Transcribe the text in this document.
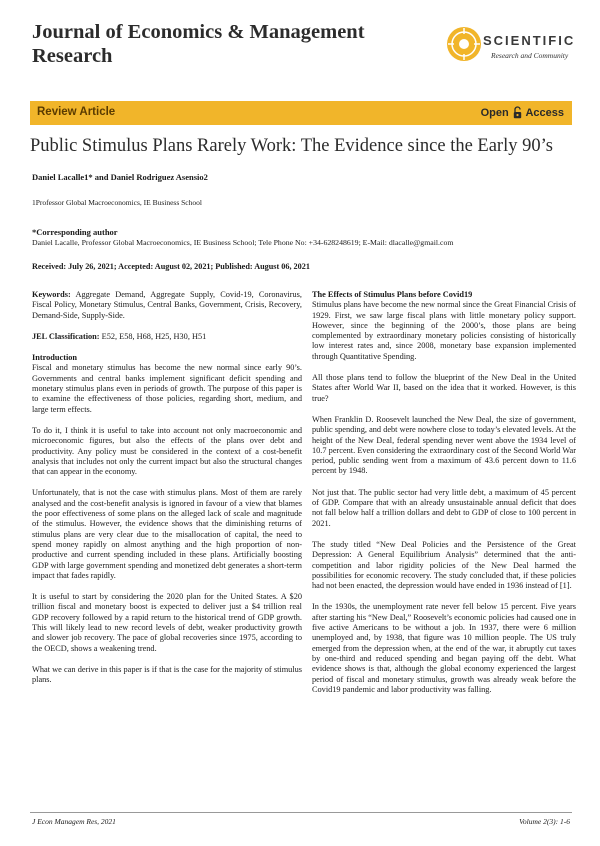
Journal of Economics & Management Research
SCIENTIFIC
Research and Community
Review Article	Open Access
Public Stimulus Plans Rarely Work: The Evidence since the Early 90’s
Daniel Lacalle1* and Daniel Rodriguez Asensio2
1Professor Global Macroeconomics, IE Business School
*Corresponding author
Daniel Lacalle, Professor Global Macroeconomics, IE Business School; Tele Phone No: +34-628248619; E-Mail: dlacalle@gmail.com
Received: July 26, 2021; Accepted: August 02, 2021; Published: August 06, 2021

Keywords: Aggregate Demand, Aggregate Supply, Covid-19, Coronavirus, Fiscal Policy, Monetary Stimulus, Central Banks, Government, Crisis, Recovery, Demand-Side, Supply-Side.

JEL Classification: E52, E58, H68, H25, H30, H51

Introduction

Fiscal and monetary stimulus has become the new normal since early 90’s. Governments and central banks implement significant deficit spending and monetary stimulus plans even in periods of growth. The purpose of this paper is to examine the effectiveness of those policies, regarding short, medium, and large term effects.

To do it, I think it is useful to take into account not only macroeconomic and microeconomic figures, but also the effects of the plans over debt and productivity. Any policy must be considered in the context of a cost-benefit analysis that includes not only the current impact but also the structural changes that can appear in the economy.

Unfortunately, that is not the case with stimulus plans. Most of them are rarely analysed and the cost-benefit analysis is ignored in favour of a view that blames the poor effectiveness of some plans on the alleged lack of scale and magnitude of the stimulus. However, the evidence shows that the diminishing returns of stimulus plans are very clear due to the misallocation of capital, the need to spend money rapidly on almost anything and the high proportion of non-productive and current spending included in these plans. Artificially boosting GDP with large government spending and monetized debt generates a short-term impact that fades rapidly.

It is useful to start by considering the 2020 plan for the United States. A $20 trillion fiscal and monetary boost is expected to deliver just a $4 trillion real GDP recovery followed by a rapid return to the historical trend of GDP growth. This will likely lead to new record levels of debt, weaker productivity growth and slower job recovery. The pace of global recoveries since 1975, according to the OECD, shows a weakening trend.

What we can derive in this paper is if that is the case for the majority of stimulus plans.

The Effects of Stimulus Plans before Covid19

Stimulus plans have become the new normal since the Great Financial Crisis of 1929. First, we saw large fiscal plans with little monetary policy support. However, since the beginning of the 2000’s, those plans are being complemented by extraordinary monetary policies consisting of historically low interest rates and, since 2008, monetary base expansion implemented through Quantitative Spending.

All those plans tend to follow the blueprint of the New Deal in the United States after World War II, based on the idea that it worked. However, is this true?

When Franklin D. Roosevelt launched the New Deal, the size of government, public spending, and debt were nowhere close to today’s elevated levels. At the height of the New Deal, federal spending never went above the 1934 level of 10.7 percent. Even considering the extraordinary cost of the Second World War period, public sending went from a maximum of 43.6 percent down to 11.6 percent by 1948.

Not just that. The public sector had very little debt, a maximum of 45 percent of GDP. Compare that with an already unsustainable annual deficit that does not fall below half a trillion dollars and debt to GDP of close to 100 percent in 2021.

The study titled “New Deal Policies and the Persistence of the Great Depression: A General Equilibrium Analysis” determined that the anti-competition and labor rigidity policies of the New Deal harmed the possibilities for economic recovery. The study concluded that, if these policies had not been enacted, the depression would have ended in 1936 instead of [1].

In the 1930s, the unemployment rate never fell below 15 percent. Five years after starting his “New Deal,” Roosevelt’s economic policies had caused one in five active Americans to be without a job. In 1937, there were 6 million unemployed and, by 1938, that figure was 10 million people. The US truly emerged from the depression when, at the end of the war, it abruptly cut taxes by one-third and reduced spending and began paying off the debt. What evidence shows is that, although the global economy experienced the largest period of fiscal and monetary stimulus, growth was already weak before the Covid19 pandemic and labor productivity was falling.

J Econ Managem Res, 2021	Volume 2(3): 1-6
